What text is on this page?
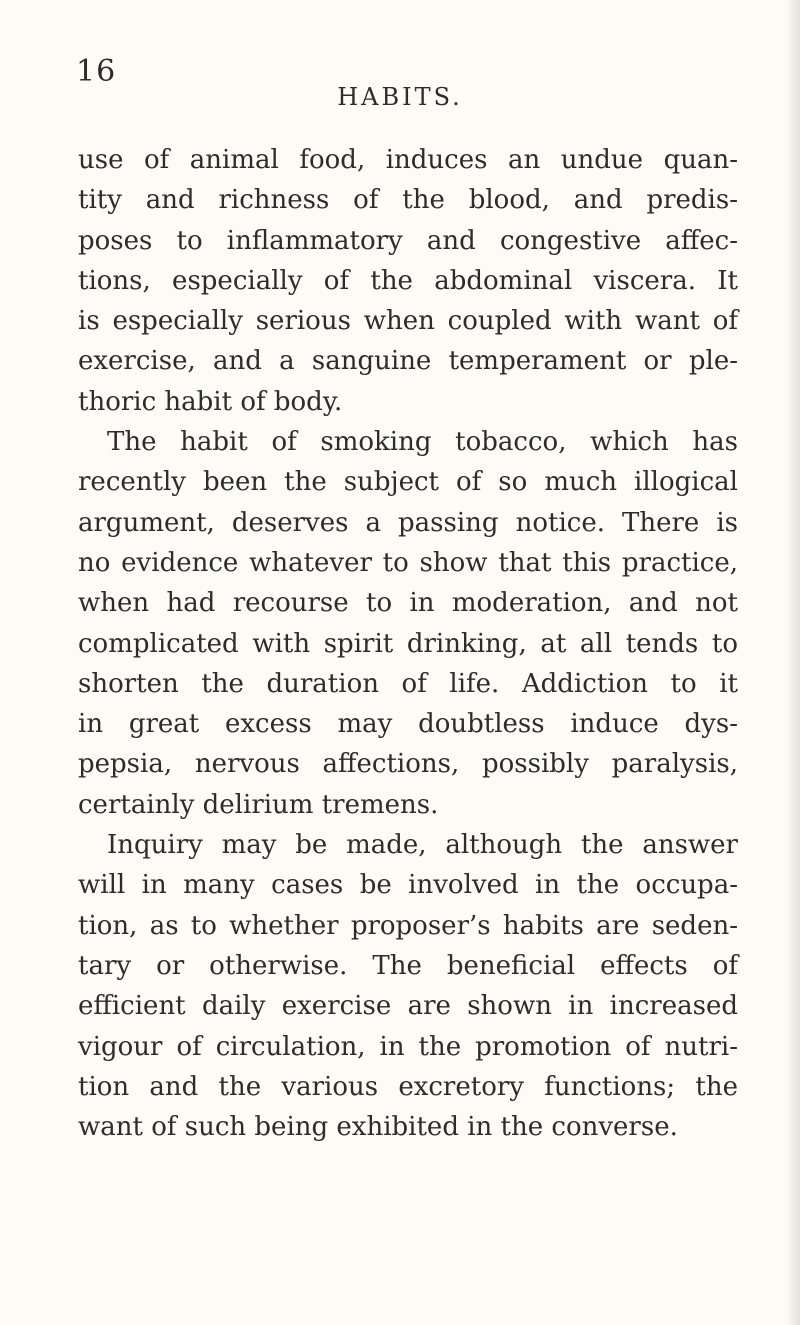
16
HABITS.
use of animal food, induces an undue quan-
tity and richness of the blood, and predis-
poses to inflammatory and congestive affec-
tions, especially of the abdominal viscera. It
is especially serious when coupled with want of
exercise, and a sanguine temperament or ple-
thoric habit of body.
The habit of smoking tobacco, which has
recently been the subject of so much illogical
argument, deserves a passing notice. There is
no evidence whatever to show that this practice,
when had recourse to in moderation, and not
complicated with spirit drinking, at all tends to
shorten the duration of life. Addiction to it
in great excess may doubtless induce dys-
pepsia, nervous affections, possibly paralysis,
certainly delirium tremens.
Inquiry may be made, although the answer
will in many cases be involved in the occupa-
tion, as to whether proposer’s habits are seden-
tary or otherwise. The beneficial effects of
efficient daily exercise are shown in increased
vigour of circulation, in the promotion of nutri-
tion and the various excretory functions; the
want of such being exhibited in the converse.
